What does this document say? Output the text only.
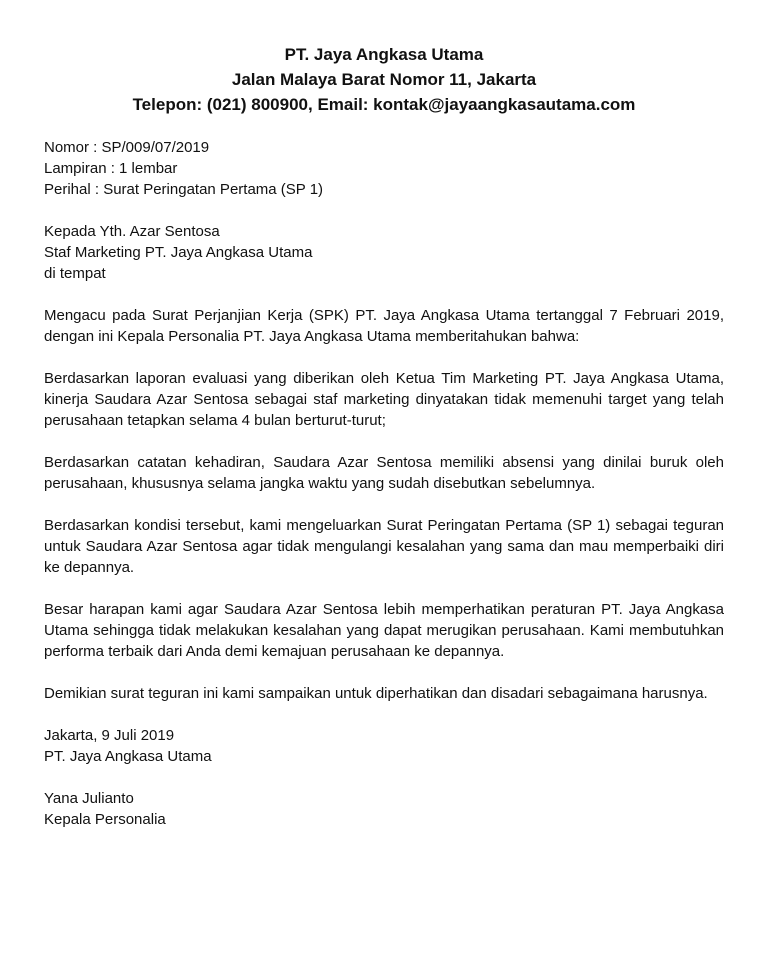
PT. Jaya Angkasa Utama
Jalan Malaya Barat Nomor 11, Jakarta
Telepon: (021) 800900, Email: kontak@jayaangkasautama.com
Nomor : SP/009/07/2019
Lampiran : 1 lembar
Perihal : Surat Peringatan Pertama (SP 1)
Kepada Yth. Azar Sentosa
Staf Marketing PT. Jaya Angkasa Utama
di tempat

Mengacu pada Surat Perjanjian Kerja (SPK) PT. Jaya Angkasa Utama tertanggal 7 Februari 2019, dengan ini Kepala Personalia PT. Jaya Angkasa Utama memberitahukan bahwa:

Berdasarkan laporan evaluasi yang diberikan oleh Ketua Tim Marketing PT. Jaya Angkasa Utama, kinerja Saudara Azar Sentosa sebagai staf marketing dinyatakan tidak memenuhi target yang telah perusahaan tetapkan selama 4 bulan berturut-turut;

Berdasarkan catatan kehadiran, Saudara Azar Sentosa memiliki absensi yang dinilai buruk oleh perusahaan, khususnya selama jangka waktu yang sudah disebutkan sebelumnya.

Berdasarkan kondisi tersebut, kami mengeluarkan Surat Peringatan Pertama (SP 1) sebagai teguran untuk Saudara Azar Sentosa agar tidak mengulangi kesalahan yang sama dan mau memperbaiki diri ke depannya.

Besar harapan kami agar Saudara Azar Sentosa lebih memperhatikan peraturan PT. Jaya Angkasa Utama sehingga tidak melakukan kesalahan yang dapat merugikan perusahaan. Kami membutuhkan performa terbaik dari Anda demi kemajuan perusahaan ke depannya.

Demikian surat teguran ini kami sampaikan untuk diperhatikan dan disadari sebagaimana harusnya.

Jakarta, 9 Juli 2019
PT. Jaya Angkasa Utama
Yana Julianto
Kepala Personalia
